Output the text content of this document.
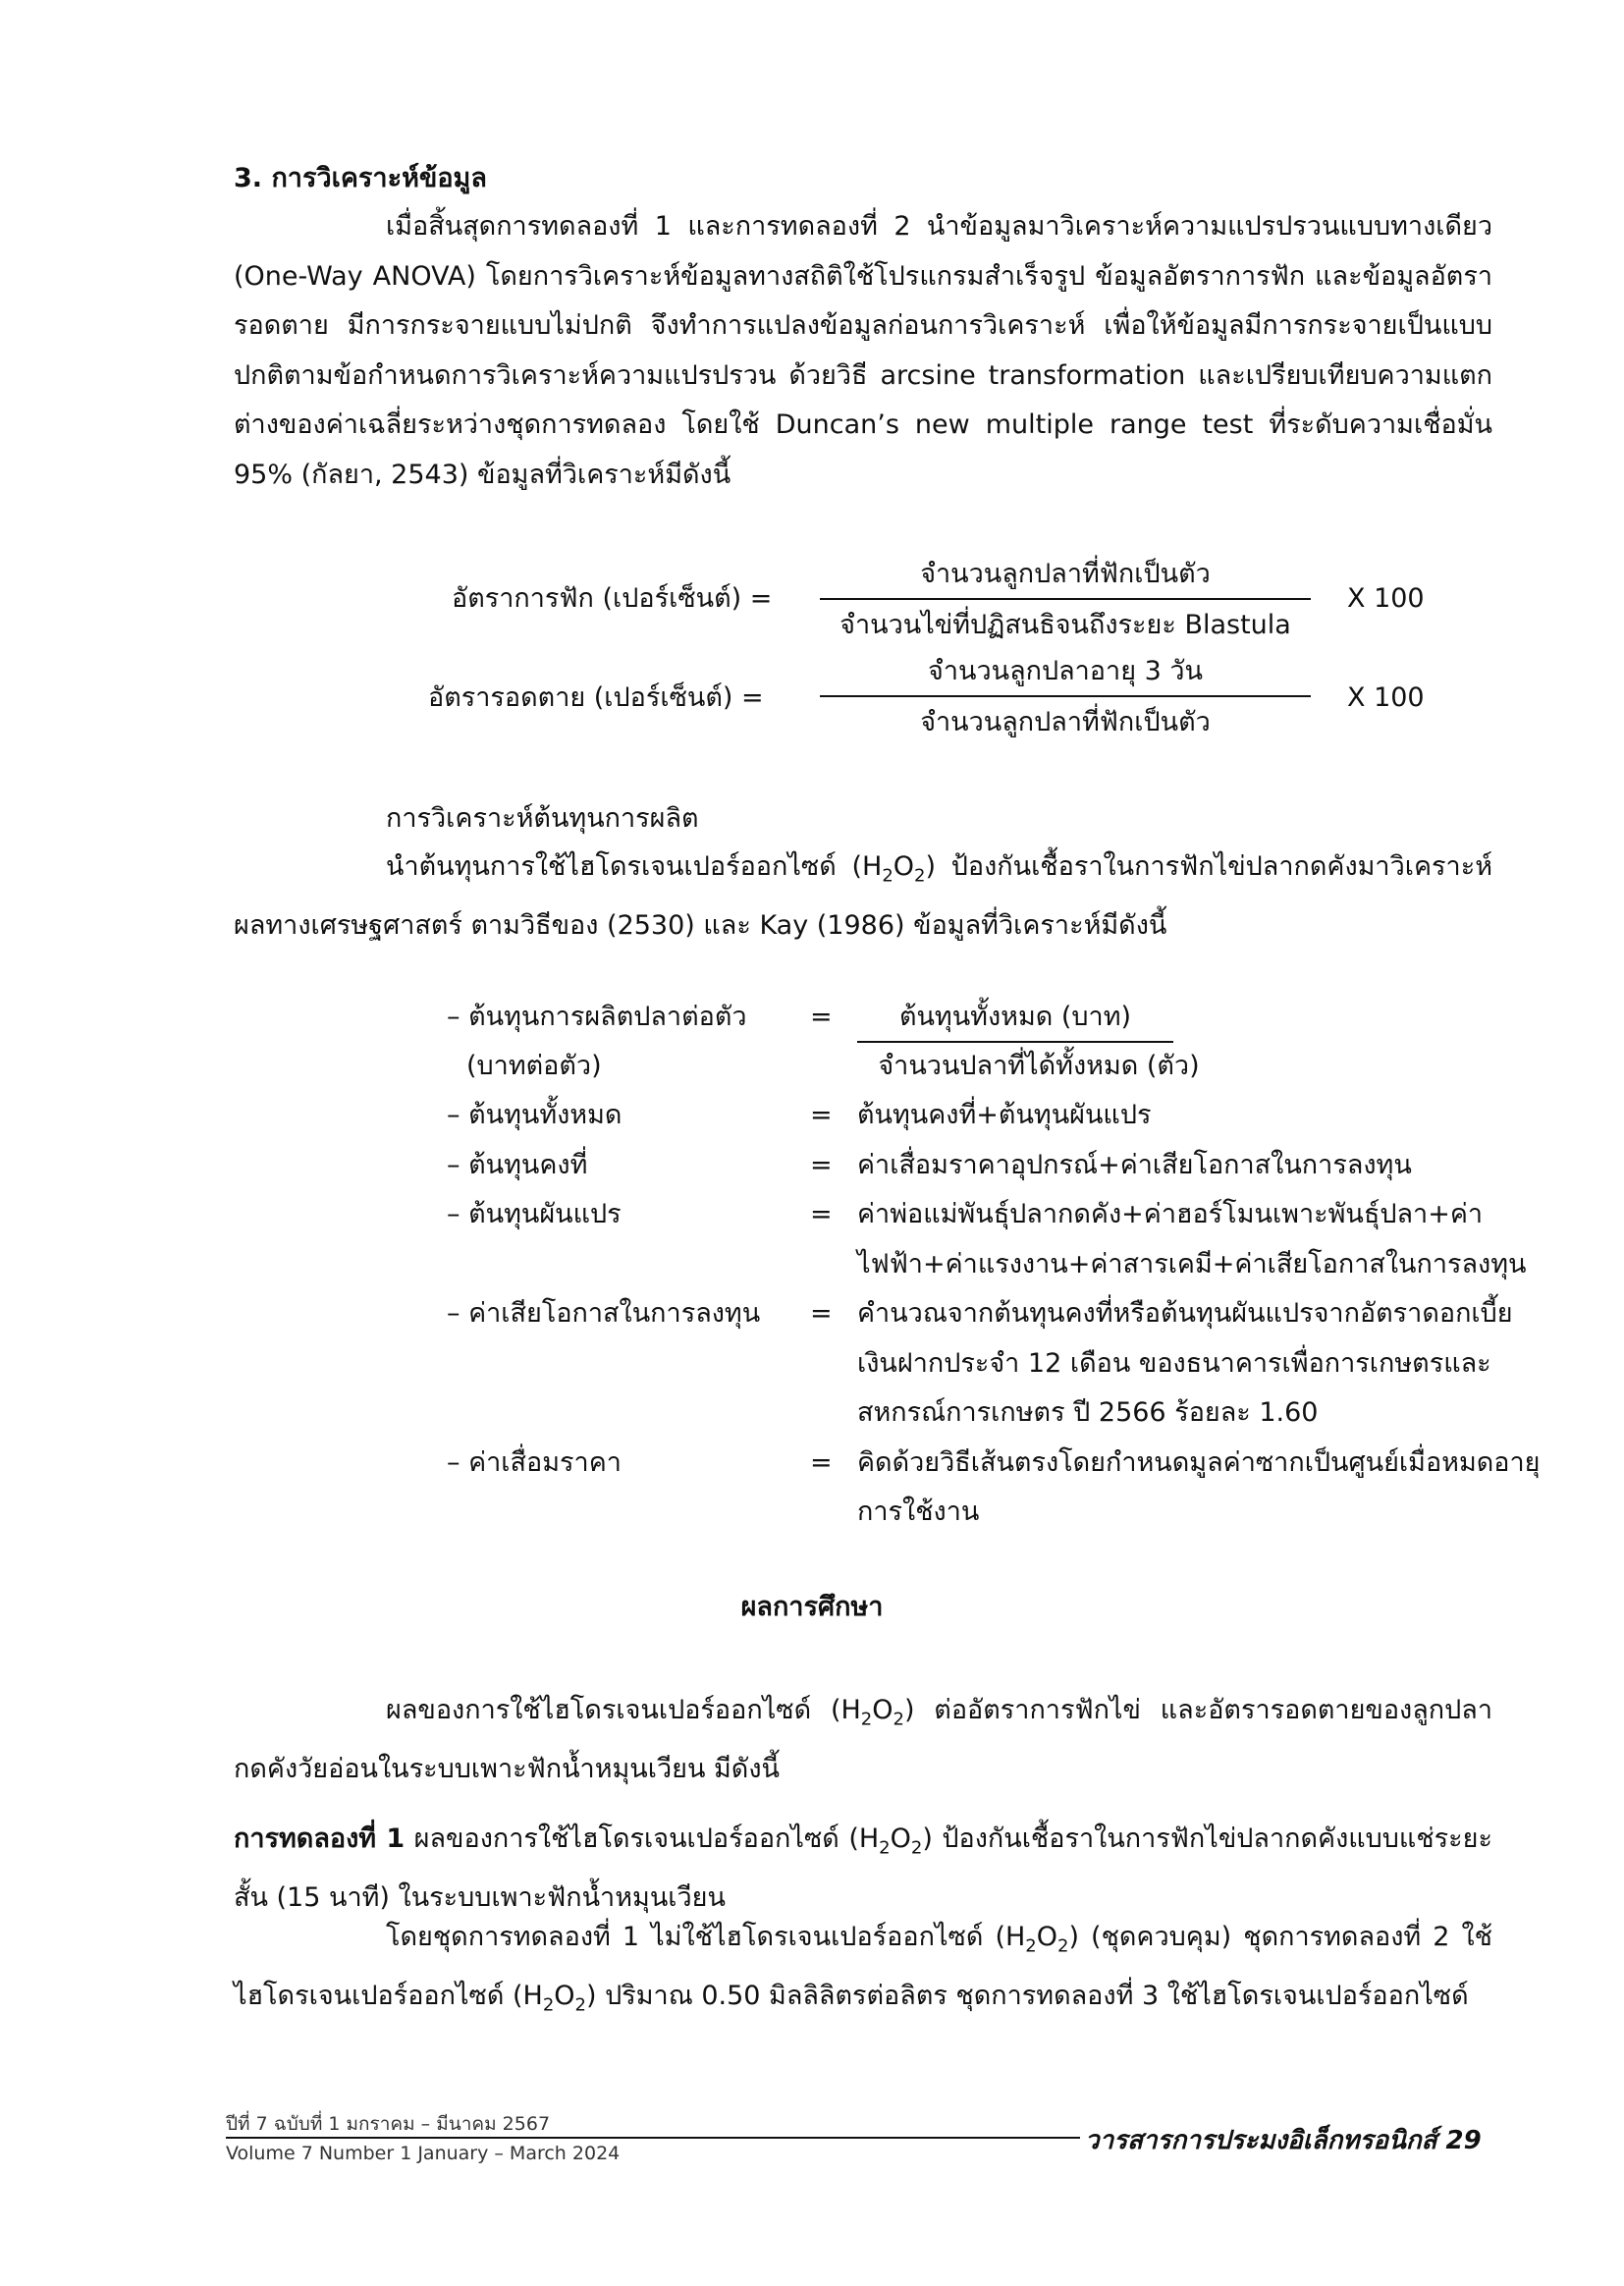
3. การวิเคราะห์ข้อมูล
เมื่อสิ้นสุดการทดลองที่ 1 และการทดลองที่ 2 นำข้อมูลมาวิเคราะห์ความแปรปรวนแบบทางเดียว (One-Way ANOVA) โดยการวิเคราะห์ข้อมูลทางสถิติใช้โปรแกรมสำเร็จรูป ข้อมูลอัตราการฟัก และข้อมูลอัตรารอดตาย มีการกระจายแบบไม่ปกติ จึงทำการแปลงข้อมูลก่อนการวิเคราะห์ เพื่อให้ข้อมูลมีการกระจายเป็นแบบปกติตามข้อกำหนดการวิเคราะห์ความแปรปรวน ด้วยวิธี arcsine transformation และเปรียบเทียบความแตกต่างของค่าเฉลี่ยระหว่างชุดการทดลอง โดยใช้ Duncan’s new multiple range test ที่ระดับความเชื่อมั่น 95% (กัลยา, 2543) ข้อมูลที่วิเคราะห์มีดังนี้
อัตราการฟัก (เปอร์เซ็นต์) =
จำนวนลูกปลาที่ฟักเป็นตัว
จำนวนไข่ที่ปฏิสนธิจนถึงระยะ Blastula
X 100
อัตรารอดตาย (เปอร์เซ็นต์) =
จำนวนลูกปลาอายุ 3 วัน
จำนวนลูกปลาที่ฟักเป็นตัว
X 100
การวิเคราะห์ต้นทุนการผลิต
นำต้นทุนการใช้ไฮโดรเจนเปอร์ออกไซด์ $(H_2O_2)$ ป้องกันเชื้อราในการฟักไข่ปลากดคังมาวิเคราะห์ผลทางเศรษฐศาสตร์ ตามวิธีของ (2530) และ Kay (1986) ข้อมูลที่วิเคราะห์มีดังนี้
– ต้นทุนการผลิตปลาต่อตัว
(บาทต่อตัว)
=	ต้นทุนทั้งหมด (บาท)
จำนวนปลาที่ได้ทั้งหมด (ตัว)
– ต้นทุนทั้งหมด	= ต้นทุนคงที่+ต้นทุนผันแปร
– ต้นทุนคงที่	= ค่าเสื่อมราคาอุปกรณ์+ค่าเสียโอกาสในการลงทุน
– ต้นทุนผันแปร	= ค่าพ่อแม่พันธุ์ปลากดคัง+ค่าฮอร์โมนเพาะพันธุ์ปลา+ค่า
ไฟฟ้า+ค่าแรงงาน+ค่าสารเคมี+ค่าเสียโอกาสในการลงทุน
– ค่าเสียโอกาสในการลงทุน = คำนวณจากต้นทุนคงที่หรือต้นทุนผันแปรจากอัตราดอกเบี้ย
เงินฝากประจำ 12 เดือน ของธนาคารเพื่อการเกษตรและ
สหกรณ์การเกษตร ปี 2566 ร้อยละ 1.60
– ค่าเสื่อมราคา	= คิดด้วยวิธีเส้นตรงโดยกำหนดมูลค่าซากเป็นศูนย์เมื่อหมดอายุ
การใช้งาน
ผลการศึกษา
ผลของการใช้ไฮโดรเจนเปอร์ออกไซด์ $(H_2O_2)$ ต่ออัตราการฟักไข่ และอัตรารอดตายของลูกปลากดคังวัยอ่อนในระบบเพาะฟักน้ำหมุนเวียน มีดังนี้
การทดลองที่ 1 ผลของการใช้ไฮโดรเจนเปอร์ออกไซด์ $(H_2O_2)$ ป้องกันเชื้อราในการฟักไข่ปลากดคังแบบแช่ระยะสั้น (15 นาที) ในระบบเพาะฟักน้ำหมุนเวียน
โดยชุดการทดลองที่ 1 ไม่ใช้ไฮโดรเจนเปอร์ออกไซด์ $(H_2O_2)$ (ชุดควบคุม) ชุดการทดลองที่ 2 ใช้ไฮโดรเจนเปอร์ออกไซด์ $(H_2O_2)$ ปริมาณ 0.50 มิลลิลิตรต่อลิตร ชุดการทดลองที่ 3 ใช้ไฮโดรเจนเปอร์ออกไซด์
ปีที่ 7 ฉบับที่ 1 มกราคม – มีนาคม 2567
Volume 7 Number 1 January – March 2024	วารสารการประมงอิเล็กทรอนิกส์ 29
